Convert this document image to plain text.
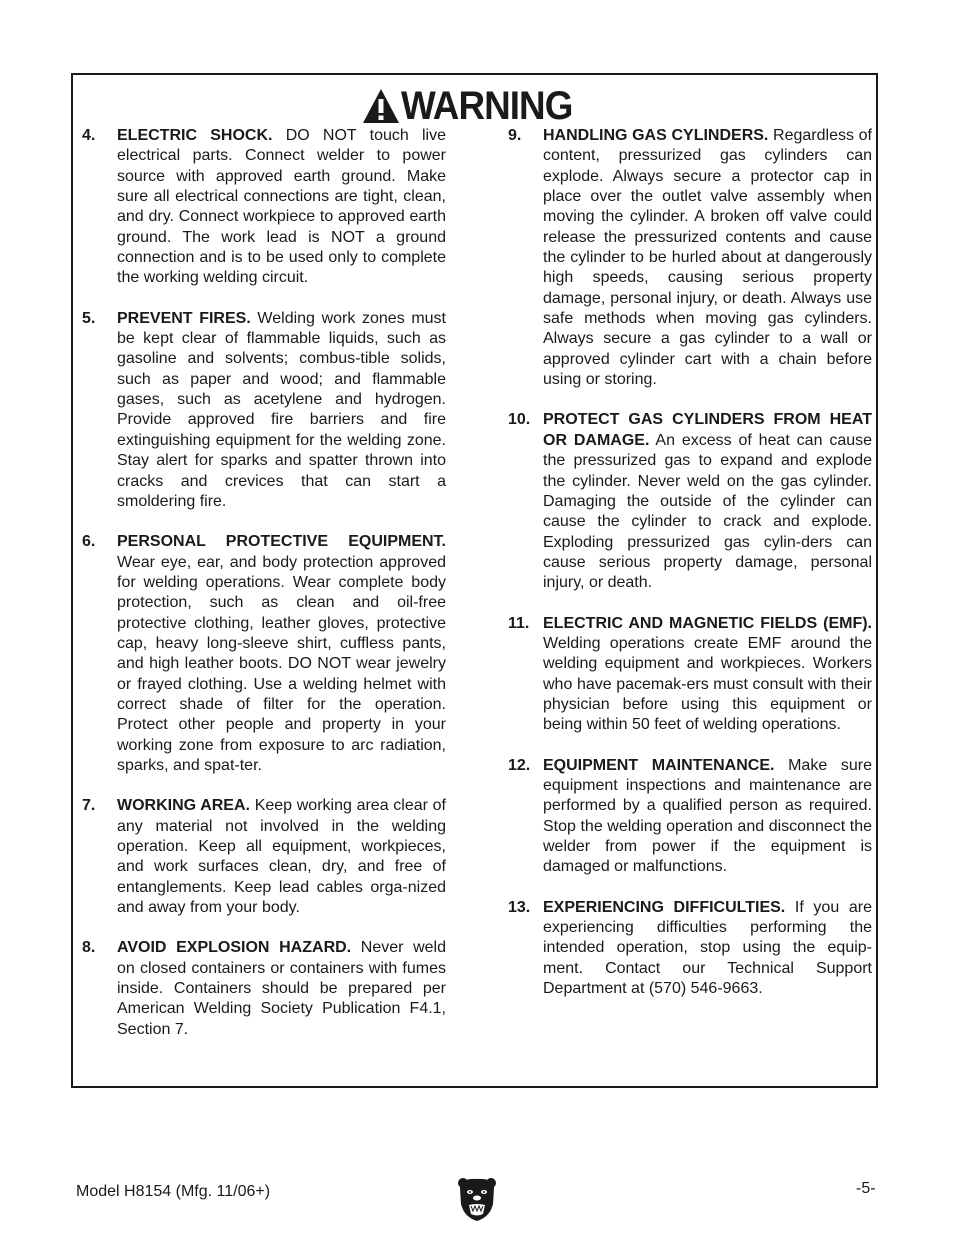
WARNING
4.	ELECTRIC SHOCK. DO NOT touch live electrical parts. Connect welder to power source with approved earth ground. Make sure all electrical connections are tight, clean, and dry. Connect workpiece to approved earth ground. The work lead is NOT a ground connection and is to be used only to complete the working welding circuit.
5.	PREVENT FIRES. Welding work zones must be kept clear of flammable liquids, such as gasoline and solvents; combus-tible solids, such as paper and wood; and flammable gases, such as acetylene and hydrogen. Provide approved fire barriers and fire extinguishing equipment for the welding zone. Stay alert for sparks and spatter thrown into cracks and crevices that can start a smoldering fire.
6.	PERSONAL PROTECTIVE EQUIPMENT. Wear eye, ear, and body protection approved for welding operations. Wear complete body protection, such as clean and oil-free protective clothing, leather gloves, protective cap, heavy long-sleeve shirt, cuffless pants, and high leather boots. DO NOT wear jewelry or frayed clothing. Use a welding helmet with correct shade of filter for the operation. Protect other people and property in your working zone from exposure to arc radiation, sparks, and spat-ter.
7.	WORKING AREA. Keep working area clear of any material not involved in the welding operation. Keep all equipment, workpieces, and work surfaces clean, dry, and free of entanglements. Keep lead cables orga-nized and away from your body.
8.	AVOID EXPLOSION HAZARD. Never weld on closed containers or containers with fumes inside. Containers should be prepared per American Welding Society Publication F4.1, Section 7.
9.	HANDLING GAS CYLINDERS. Regardless of content, pressurized gas cylinders can explode. Always secure a protector cap in place over the outlet valve assembly when moving the cylinder. A broken off valve could release the pressurized contents and cause the cylinder to be hurled about at dangerously high speeds, causing serious property damage, personal injury, or death. Always use safe methods when moving gas cylinders. Always secure a gas cylinder to a wall or approved cylinder cart with a chain before using or storing.
10. PROTECT GAS CYLINDERS FROM HEAT OR DAMAGE. An excess of heat can cause the pressurized gas to expand and explode the cylinder. Never weld on the gas cylinder. Damaging the outside of the cylinder can cause the cylinder to crack and explode. Exploding pressurized gas cylin-ders can cause serious property damage, personal injury, or death.
11. ELECTRIC AND MAGNETIC FIELDS (EMF). Welding operations create EMF around the welding equipment and workpieces. Workers who have pacemak-ers must consult with their physician before using this equipment or being within 50 feet of welding operations.
12. EQUIPMENT MAINTENANCE. Make sure equipment inspections and maintenance are performed by a qualified person as required. Stop the welding operation and disconnect the welder from power if the equipment is damaged or malfunctions.
13. EXPERIENCING DIFFICULTIES. If you are experiencing difficulties performing the intended operation, stop using the equip-ment. Contact our Technical Support Department at (570) 546-9663.
Model H8154 (Mfg. 11/06+)	-5-
